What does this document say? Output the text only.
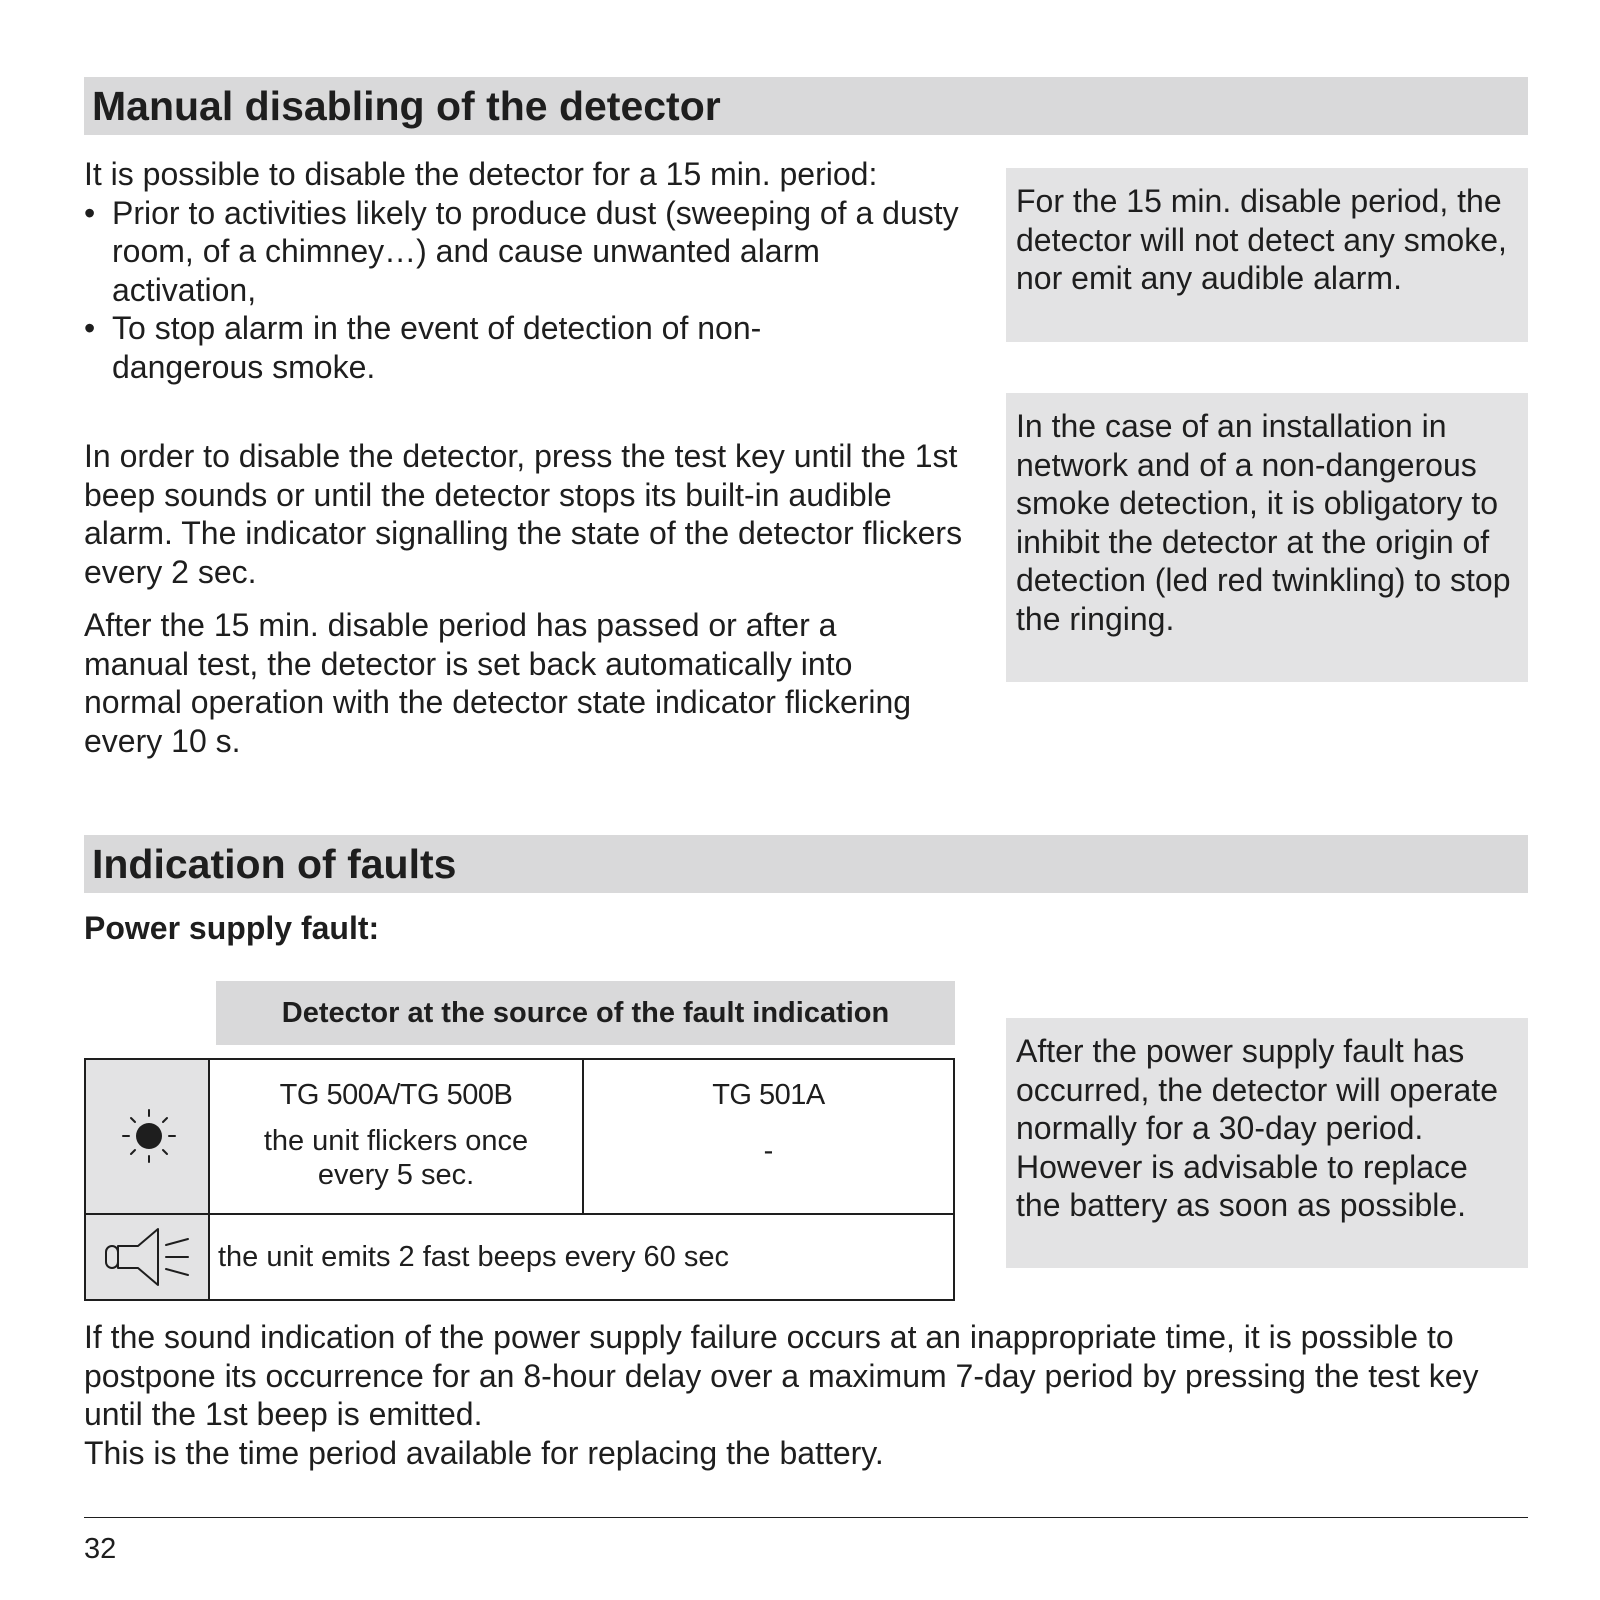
Manual disabling of the detector

It is possible to disable the detector for a 15 min. period:

• Prior to activities likely to produce dust (sweeping of a dusty room, of a chimney…) and cause unwanted alarm activation,
• To stop alarm in the event of detection of non-dangerous smoke.

In order to disable the detector, press the test key until the 1st beep sounds or until the detector stops its built-in audible alarm. The indicator signalling the state of the detector flickers every 2 sec.

After the 15 min. disable period has passed or after a manual test, the detector is set back automatically into normal operation with the detector state indicator flickering every 10 s.

For the 15 min. disable period, the detector will not detect any smoke, nor emit any audible alarm.

In the case of an installation in network and of a non-dangerous smoke detection, it is obligatory to inhibit the detector at the origin of detection (led red twinkling) to stop the ringing.

Indication of faults
Power supply fault:
Detector at the source of the fault indication
TG 500A/TG 500B
the unit flickers once every 5 sec.
TG 501A
-
the unit emits 2 fast beeps every 60 sec

After the power supply fault has occurred, the detector will operate normally for a 30-day period. However is advisable to replace the battery as soon as possible.

If the sound indication of the power supply failure occurs at an inappropriate time, it is possible to postpone its occurrence for an 8-hour delay over a maximum 7-day period by pressing the test key until the 1st beep is emitted.

This is the time period available for replacing the battery.

32
